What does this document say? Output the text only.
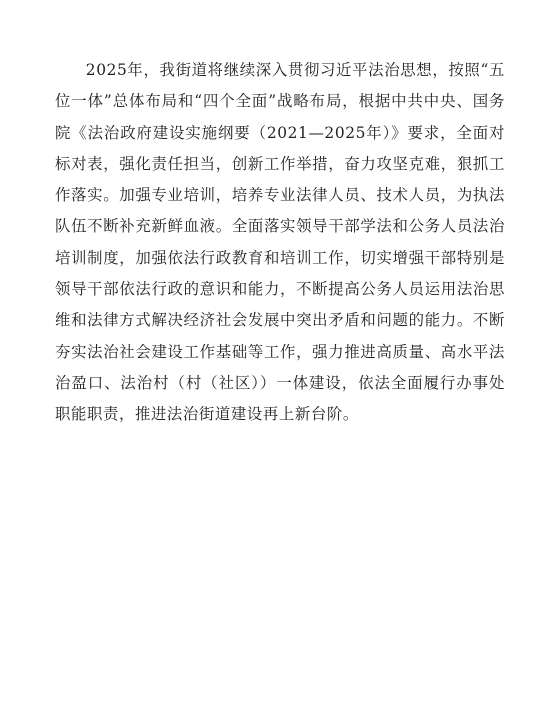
2025年，我街道将继续深入贯彻习近平法治思想，按照“五位一体”总体布局和“四个全面”战略布局，根据中共中央、国务院《法治政府建设实施纲要（2021—2025年）》要求，全面对标对表，强化责任担当，创新工作举措，奋力攻坚克难，狠抓工作落实。加强专业培训，培养专业法律人员、技术人员，为执法队伍不断补充新鲜血液。全面落实领导干部学法和公务人员法治培训制度，加强依法行政教育和培训工作，切实增强干部特别是领导干部依法行政的意识和能力，不断提高公务人员运用法治思维和法律方式解决经济社会发展中突出矛盾和问题的能力。不断夯实法治社会建设工作基础等工作，强力推进高质量、高水平法治盈口、法治村（村（社区））一体建设，依法全面履行办事处职能职责，推进法治街道建设再上新台阶。
